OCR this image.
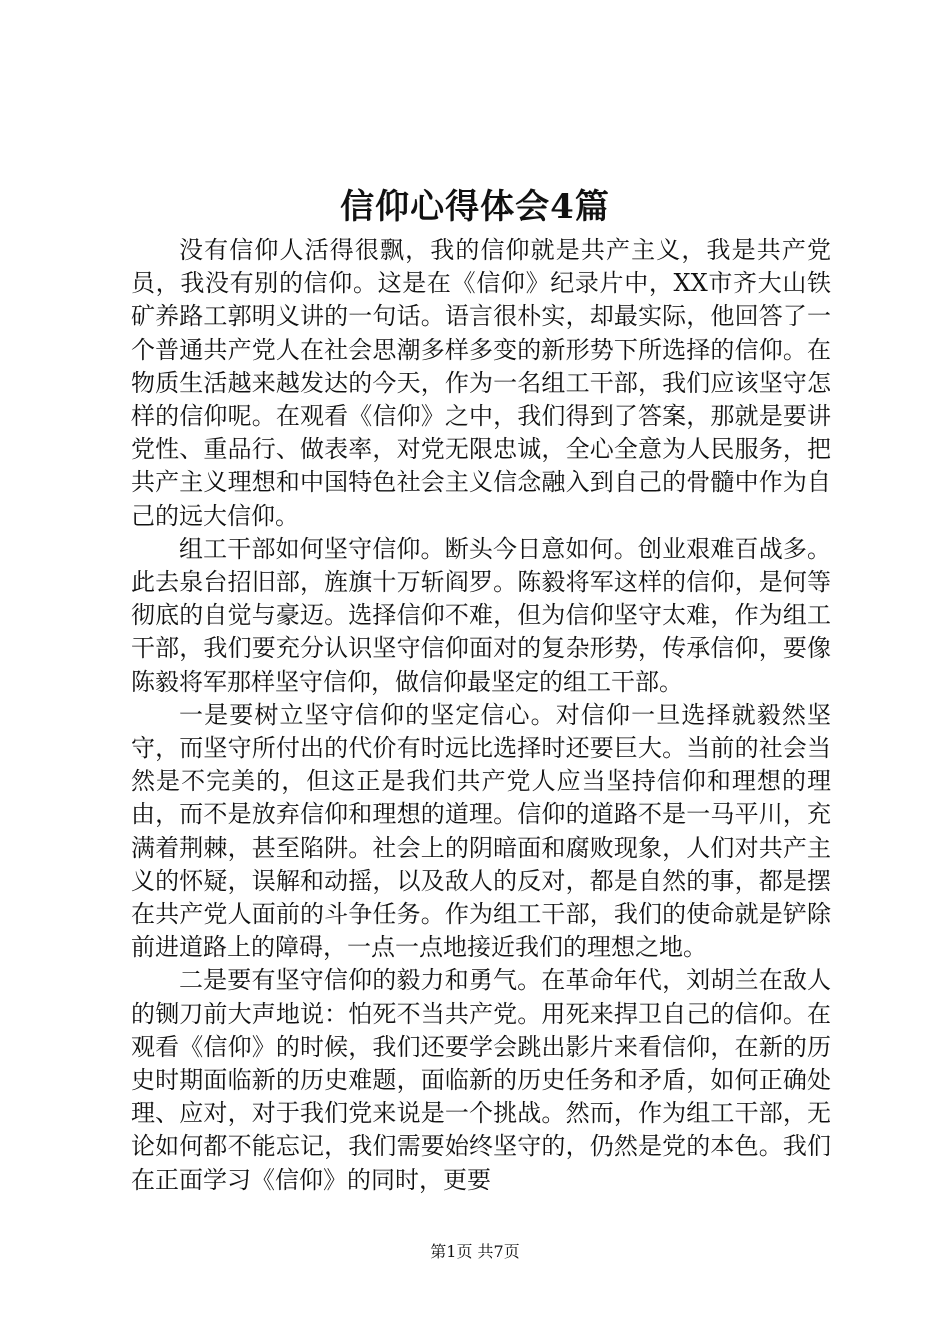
信仰心得体会4篇

没有信仰人活得很飘，我的信仰就是共产主义，我是共产党员，我没有别的信仰。这是在《信仰》纪录片中，XX市齐大山铁矿养路工郭明义讲的一句话。语言很朴实，却最实际，他回答了一个普通共产党人在社会思潮多样多变的新形势下所选择的信仰。在物质生活越来越发达的今天，作为一名组工干部，我们应该坚守怎样的信仰呢。在观看《信仰》之中，我们得到了答案，那就是要讲党性、重品行、做表率，对党无限忠诚，全心全意为人民服务，把共产主义理想和中国特色社会主义信念融入到自己的骨髓中作为自己的远大信仰。

组工干部如何坚守信仰。断头今日意如何。创业艰难百战多。此去泉台招旧部，旌旗十万斩阎罗。陈毅将军这样的信仰，是何等彻底的自觉与豪迈。选择信仰不难，但为信仰坚守太难，作为组工干部，我们要充分认识坚守信仰面对的复杂形势，传承信仰，要像陈毅将军那样坚守信仰，做信仰最坚定的组工干部。

一是要树立坚守信仰的坚定信心。对信仰一旦选择就毅然坚守，而坚守所付出的代价有时远比选择时还要巨大。当前的社会当然是不完美的，但这正是我们共产党人应当坚持信仰和理想的理由，而不是放弃信仰和理想的道理。信仰的道路不是一马平川，充满着荆棘，甚至陷阱。社会上的阴暗面和腐败现象，人们对共产主义的怀疑，误解和动摇，以及敌人的反对，都是自然的事，都是摆在共产党人面前的斗争任务。作为组工干部，我们的使命就是铲除前进道路上的障碍，一点一点地接近我们的理想之地。

二是要有坚守信仰的毅力和勇气。在革命年代，刘胡兰在敌人的铡刀前大声地说：怕死不当共产党。用死来捍卫自己的信仰。在观看《信仰》的时候，我们还要学会跳出影片来看信仰，在新的历史时期面临新的历史难题，面临新的历史任务和矛盾，如何正确处理、应对，对于我们党来说是一个挑战。然而，作为组工干部，无论如何都不能忘记，我们需要始终坚守的，仍然是党的本色。我们在正面学习《信仰》的同时，更要

第1页 共7页
